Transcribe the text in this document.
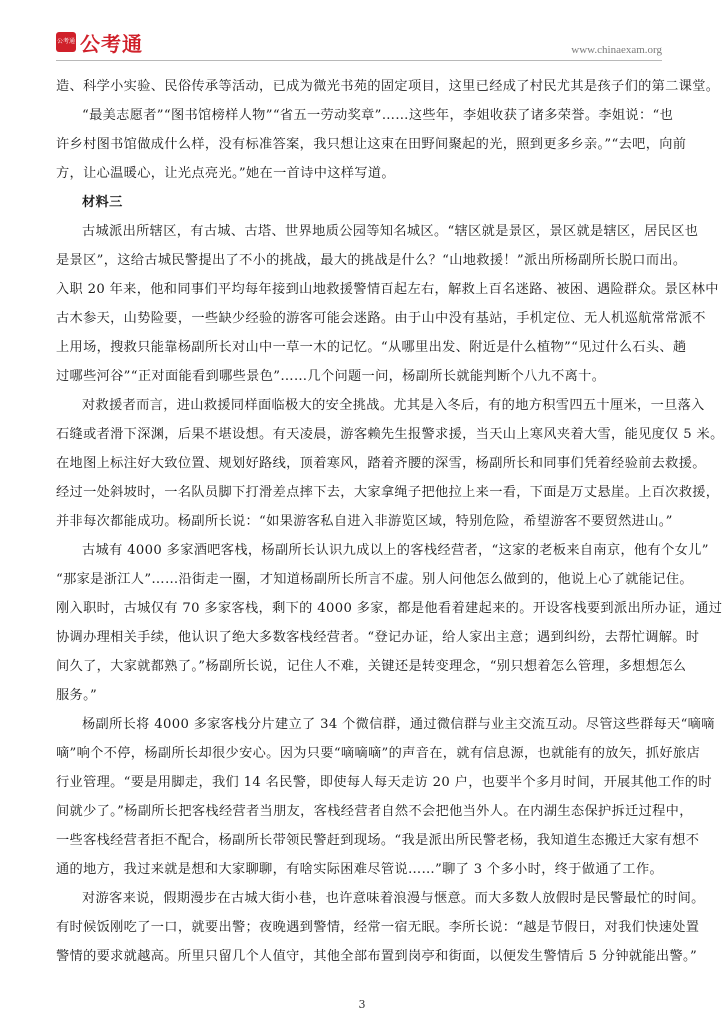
公考通 公考通	www.chinaexam.org
造、科学小实验、民俗传承等活动，已成为微光书苑的固定项目，这里已经成了村民尤其是孩子们的第二课堂。
“最美志愿者”“图书馆榜样人物”“省五一劳动奖章”……这些年，李姐收获了诸多荣誉。李姐说：“也
许乡村图书馆做成什么样，没有标准答案，我只想让这束在田野间聚起的光，照到更多乡亲。”“去吧，向前
方，让心温暖心，让光点亮光。”她在一首诗中这样写道。
材料三
古城派出所辖区，有古城、古塔、世界地质公园等知名城区。“辖区就是景区，景区就是辖区，居民区也
是景区”，这给古城民警提出了不小的挑战，最大的挑战是什么？“山地救援！”派出所杨副所长脱口而出。
入职 20 年来，他和同事们平均每年接到山地救援警情百起左右，解救上百名迷路、被困、遇险群众。景区林中
古木参天，山势险要，一些缺少经验的游客可能会迷路。由于山中没有基站，手机定位、无人机巡航常常派不
上用场，搜救只能靠杨副所长对山中一草一木的记忆。“从哪里出发、附近是什么植物”“见过什么石头、趟
过哪些河谷”“正对面能看到哪些景色”……几个问题一问，杨副所长就能判断个八九不离十。
对救援者而言，进山救援同样面临极大的安全挑战。尤其是入冬后，有的地方积雪四五十厘米，一旦落入
石缝或者滑下深渊，后果不堪设想。有天凌晨，游客赖先生报警求援，当天山上寒风夹着大雪，能见度仅 5 米。
在地图上标注好大致位置、规划好路线，顶着寒风，踏着齐腰的深雪，杨副所长和同事们凭着经验前去救援。
经过一处斜坡时，一名队员脚下打滑差点摔下去，大家拿绳子把他拉上来一看，下面是万丈悬崖。上百次救援，
并非每次都能成功。杨副所长说：“如果游客私自进入非游览区域，特别危险，希望游客不要贸然进山。”
古城有 4000 多家酒吧客栈，杨副所长认识九成以上的客栈经营者，“这家的老板来自南京，他有个女儿”
“那家是浙江人”……沿街走一圈，才知道杨副所长所言不虚。别人问他怎么做到的，他说上心了就能记住。
刚入职时，古城仅有 70 多家客栈，剩下的 4000 多家，都是他看着建起来的。开设客栈要到派出所办证，通过
协调办理相关手续，他认识了绝大多数客栈经营者。“登记办证，给人家出主意；遇到纠纷，去帮忙调解。时
间久了，大家就都熟了。”杨副所长说，记住人不难，关键还是转变理念，“别只想着怎么管理，多想想怎么
服务。”
杨副所长将 4000 多家客栈分片建立了 34 个微信群，通过微信群与业主交流互动。尽管这些群每天“嘀嘀
嘀”响个不停，杨副所长却很少安心。因为只要“嘀嘀嘀”的声音在，就有信息源，也就能有的放矢，抓好旅店
行业管理。“要是用脚走，我们 14 名民警，即使每人每天走访 20 户，也要半个多月时间，开展其他工作的时
间就少了。”杨副所长把客栈经营者当朋友，客栈经营者自然不会把他当外人。在内湖生态保护拆迁过程中，
一些客栈经营者拒不配合，杨副所长带领民警赶到现场。“我是派出所民警老杨，我知道生态搬迁大家有想不
通的地方，我过来就是想和大家聊聊，有啥实际困难尽管说……”聊了 3 个多小时，终于做通了工作。
对游客来说，假期漫步在古城大街小巷，也许意味着浪漫与惬意。而大多数人放假时是民警最忙的时间。
有时候饭刚吃了一口，就要出警；夜晚遇到警情，经常一宿无眠。李所长说：“越是节假日，对我们快速处置
警情的要求就越高。所里只留几个人值守，其他全部布置到岗亭和街面，以便发生警情后 5 分钟就能出警。”
3
